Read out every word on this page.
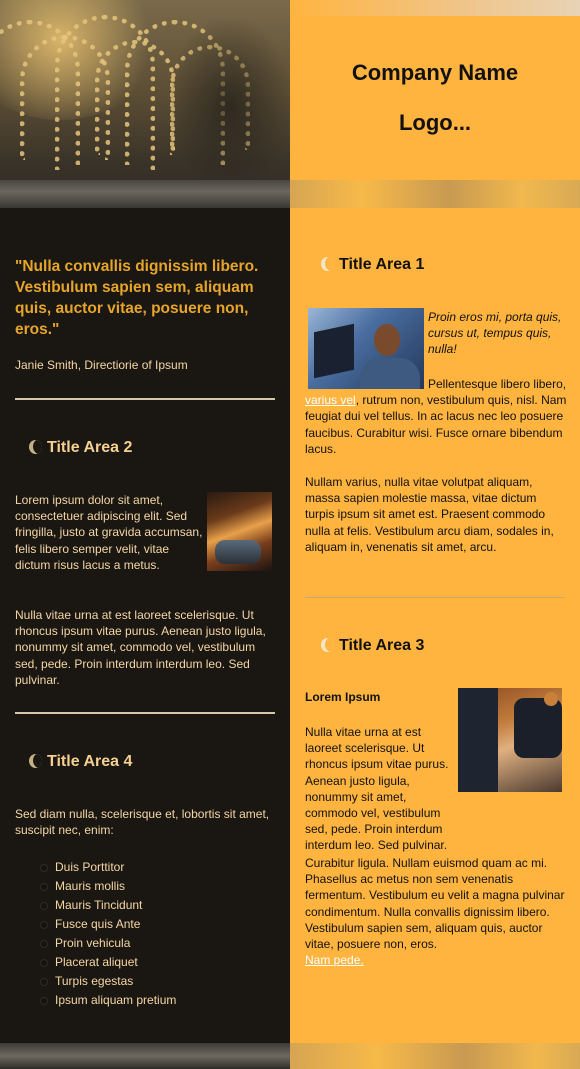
Company Name
Logo...
"Nulla convallis dignissim libero. Vestibulum sapien sem, aliquam quis, auctor vitae, posuere non, eros."
Janie Smith, Directiorie of Ipsum
Title Area 2
Lorem ipsum dolor sit amet, consectetuer adipiscing elit. Sed fringilla, justo at gravida accumsan, felis libero semper velit, vitae dictum risus lacus a metus.
Nulla vitae urna at est laoreet scelerisque. Ut rhoncus ipsum vitae purus. Aenean justo ligula, nonummy sit amet, commodo vel, vestibulum sed, pede. Proin interdum interdum leo. Sed pulvinar.
Title Area 4
Sed diam nulla, scelerisque et, lobortis sit amet, suscipit nec, enim:
Duis Porttitor
Mauris mollis
Mauris Tincidunt
Fusce quis Ante
Proin vehicula
Placerat aliquet
Turpis egestas
Ipsum aliquam pretium
Title Area 1
Proin eros mi, porta quis, cursus ut, tempus quis, nulla!
Pellentesque libero libero, varius vel, rutrum non, vestibulum quis, nisl. Nam feugiat dui vel tellus. In ac lacus nec leo posuere faucibus. Curabitur wisi. Fusce ornare bibendum lacus.
Nullam varius, nulla vitae volutpat aliquam, massa sapien molestie massa, vitae dictum turpis ipsum sit amet est. Praesent commodo nulla at felis. Vestibulum arcu diam, sodales in, aliquam in, venenatis sit amet, arcu.
Title Area 3
Lorem Ipsum
Nulla vitae urna at est laoreet scelerisque. Ut rhoncus ipsum vitae purus. Aenean justo ligula, nonummy sit amet, commodo vel, vestibulum sed, pede. Proin interdum interdum leo. Sed pulvinar.
Curabitur ligula. Nullam euismod quam ac mi. Phasellus ac metus non sem venenatis fermentum. Vestibulum eu velit a magna pulvinar condimentum. Nulla convallis dignissim libero. Vestibulum sapien sem, aliquam quis, auctor vitae, posuere non, eros.
Nam pede.
